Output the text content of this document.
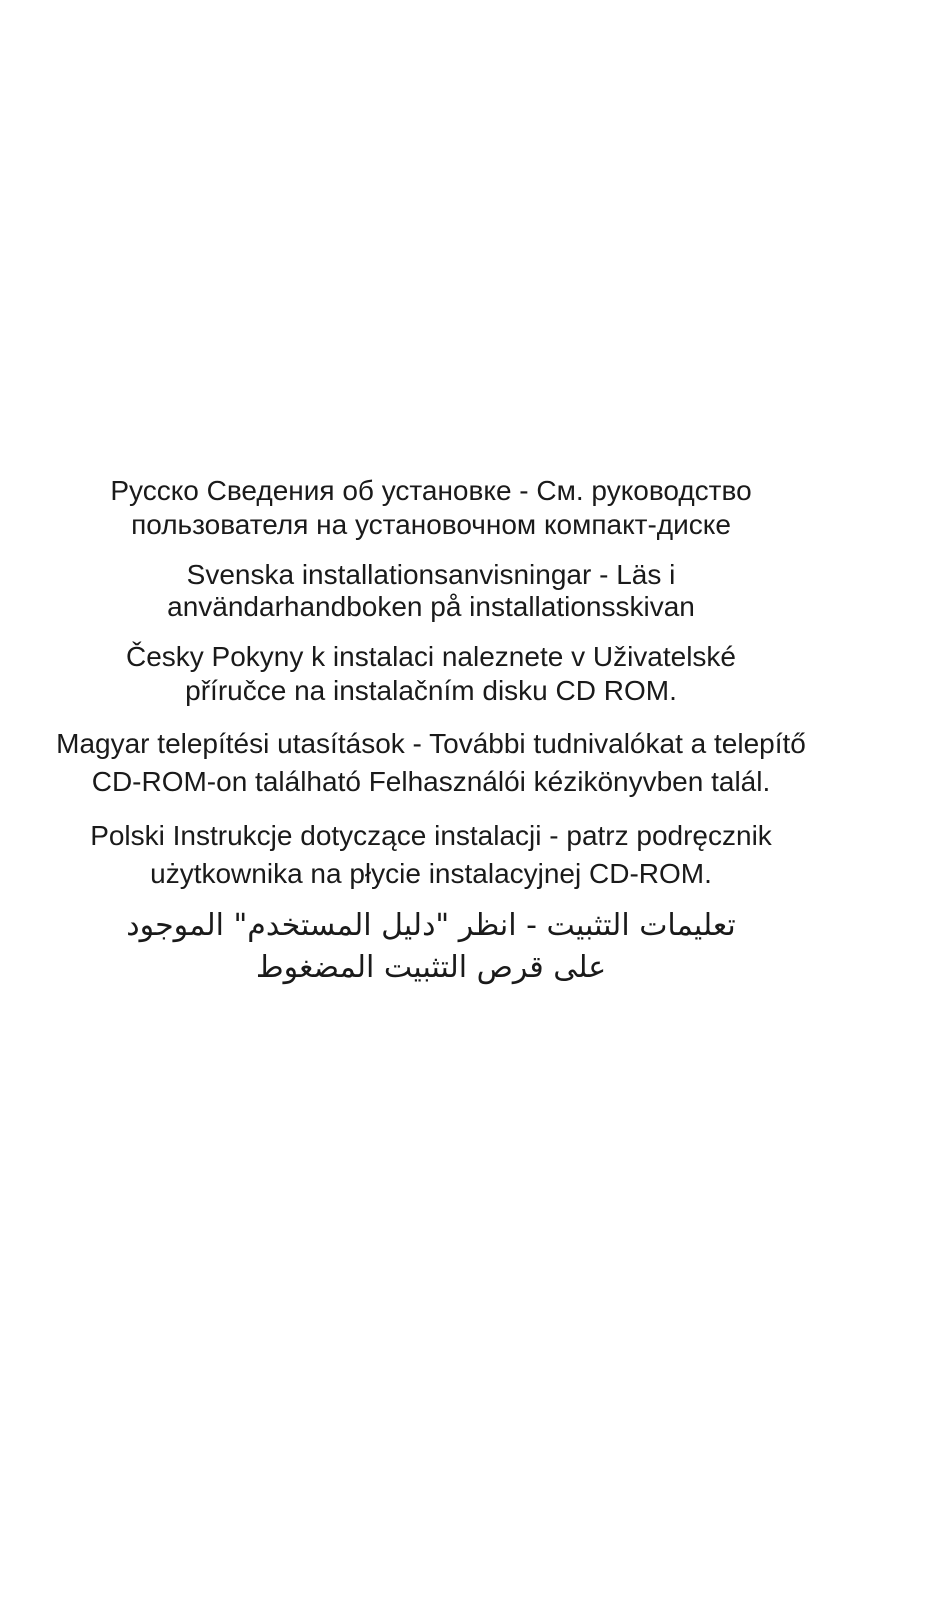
Русско Сведения об установке - См. руководство
пользователя на установочном компакт-диске
Svenska installationsanvisningar - Läs i
användarhandboken på installationsskivan
Česky Pokyny k instalaci naleznete v Uživatelské
příručce na instalačním disku CD ROM.
Magyar telepítési utasítások - További tudnivalókat a telepítő
CD-ROM-on található Felhasználói kézikönyvben talál.
Polski Instrukcje dotyczące instalacji - patrz podręcznik
użytkownika na płycie instalacyjnej CD-ROM.
تعليمات التثبيت - انظر "دليل المستخدم" الموجود
على قرص التثبيت المضغوط
